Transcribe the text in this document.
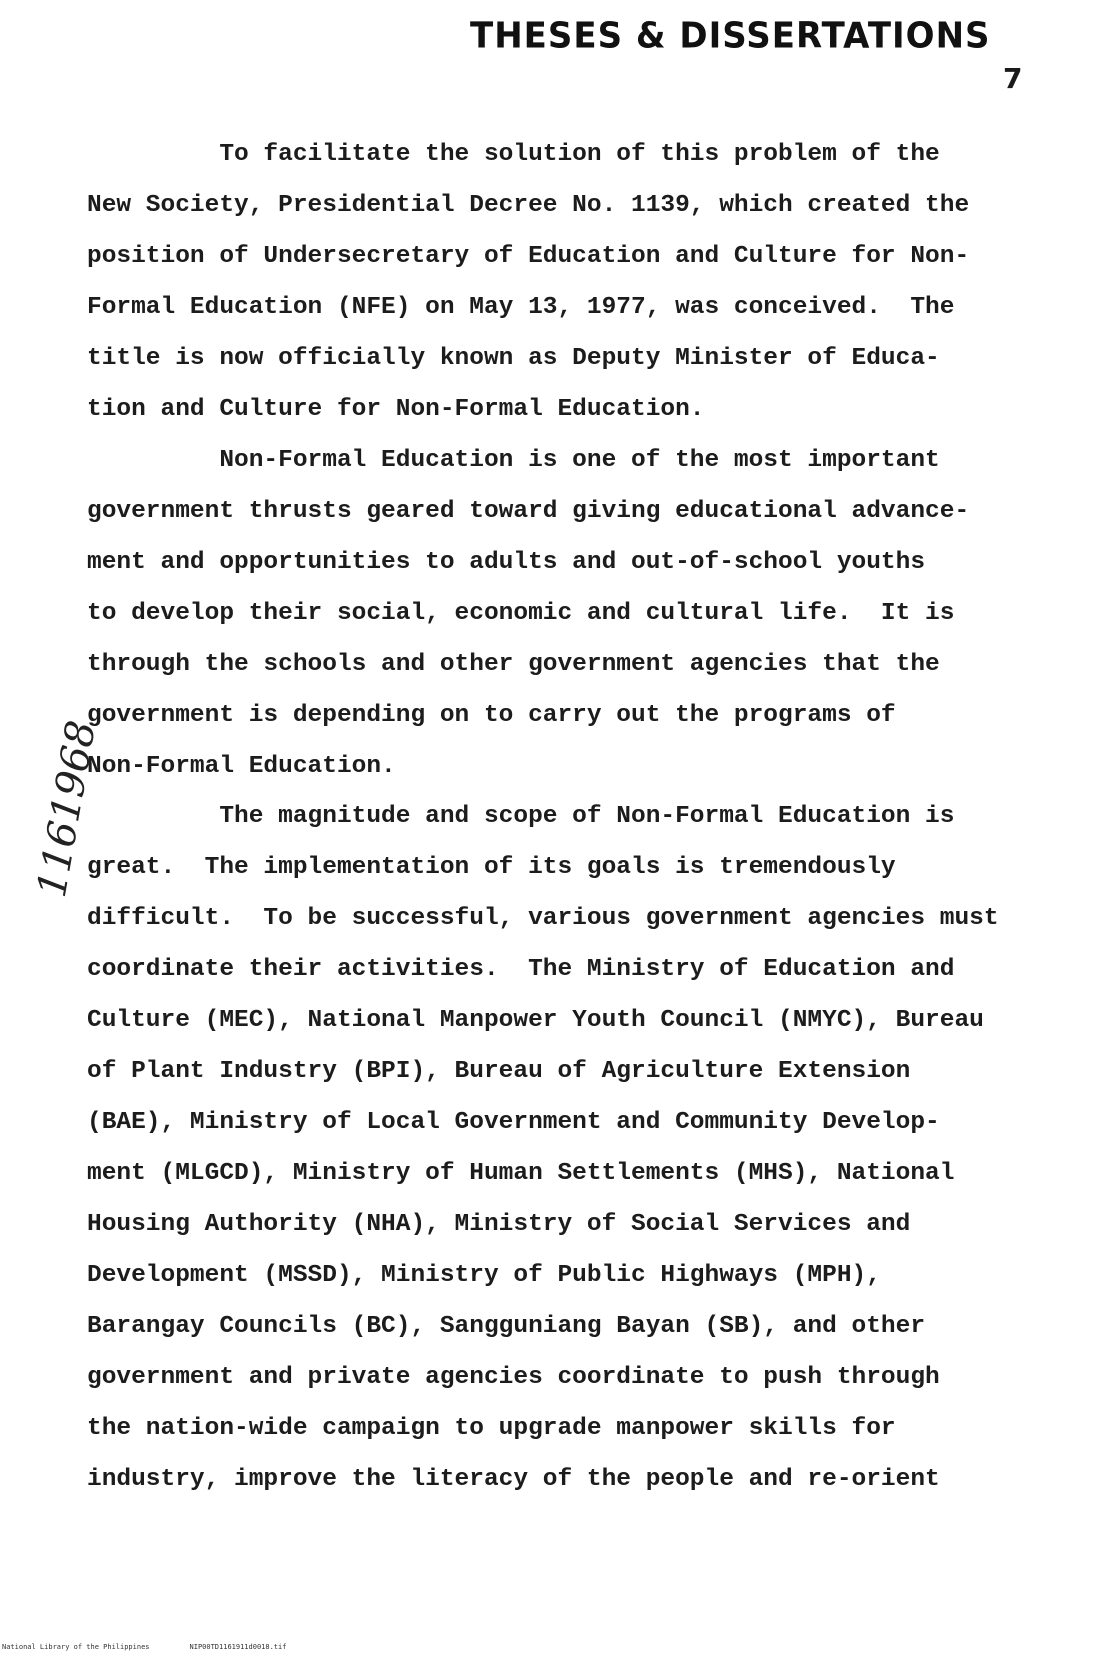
THESES & DISSERTATIONS
7
1161968
To facilitate the solution of this problem of the
New Society, Presidential Decree No. 1139, which created the
position of Undersecretary of Education and Culture for Non-
Formal Education (NFE) on May 13, 1977, was conceived.  The
title is now officially known as Deputy Minister of Educa-
tion and Culture for Non-Formal Education.
Non-Formal Education is one of the most important
government thrusts geared toward giving educational advance-
ment and opportunities to adults and out-of-school youths
to develop their social, economic and cultural life.  It is
through the schools and other government agencies that the
government is depending on to carry out the programs of
Non-Formal Education.
The magnitude and scope of Non-Formal Education is
great.  The implementation of its goals is tremendously
difficult.  To be successful, various government agencies must
coordinate their activities.  The Ministry of Education and
Culture (MEC), National Manpower Youth Council (NMYC), Bureau
of Plant Industry (BPI), Bureau of Agriculture Extension
(BAE), Ministry of Local Government and Community Develop-
ment (MLGCD), Ministry of Human Settlements (MHS), National
Housing Authority (NHA), Ministry of Social Services and
Development (MSSD), Ministry of Public Highways (MPH),
Barangay Councils (BC), Sangguniang Bayan (SB), and other
government and private agencies coordinate to push through
the nation-wide campaign to upgrade manpower skills for
industry, improve the literacy of the people and re-orient
National Library of the Philippines	NIP00TD1161911d0018.tif
